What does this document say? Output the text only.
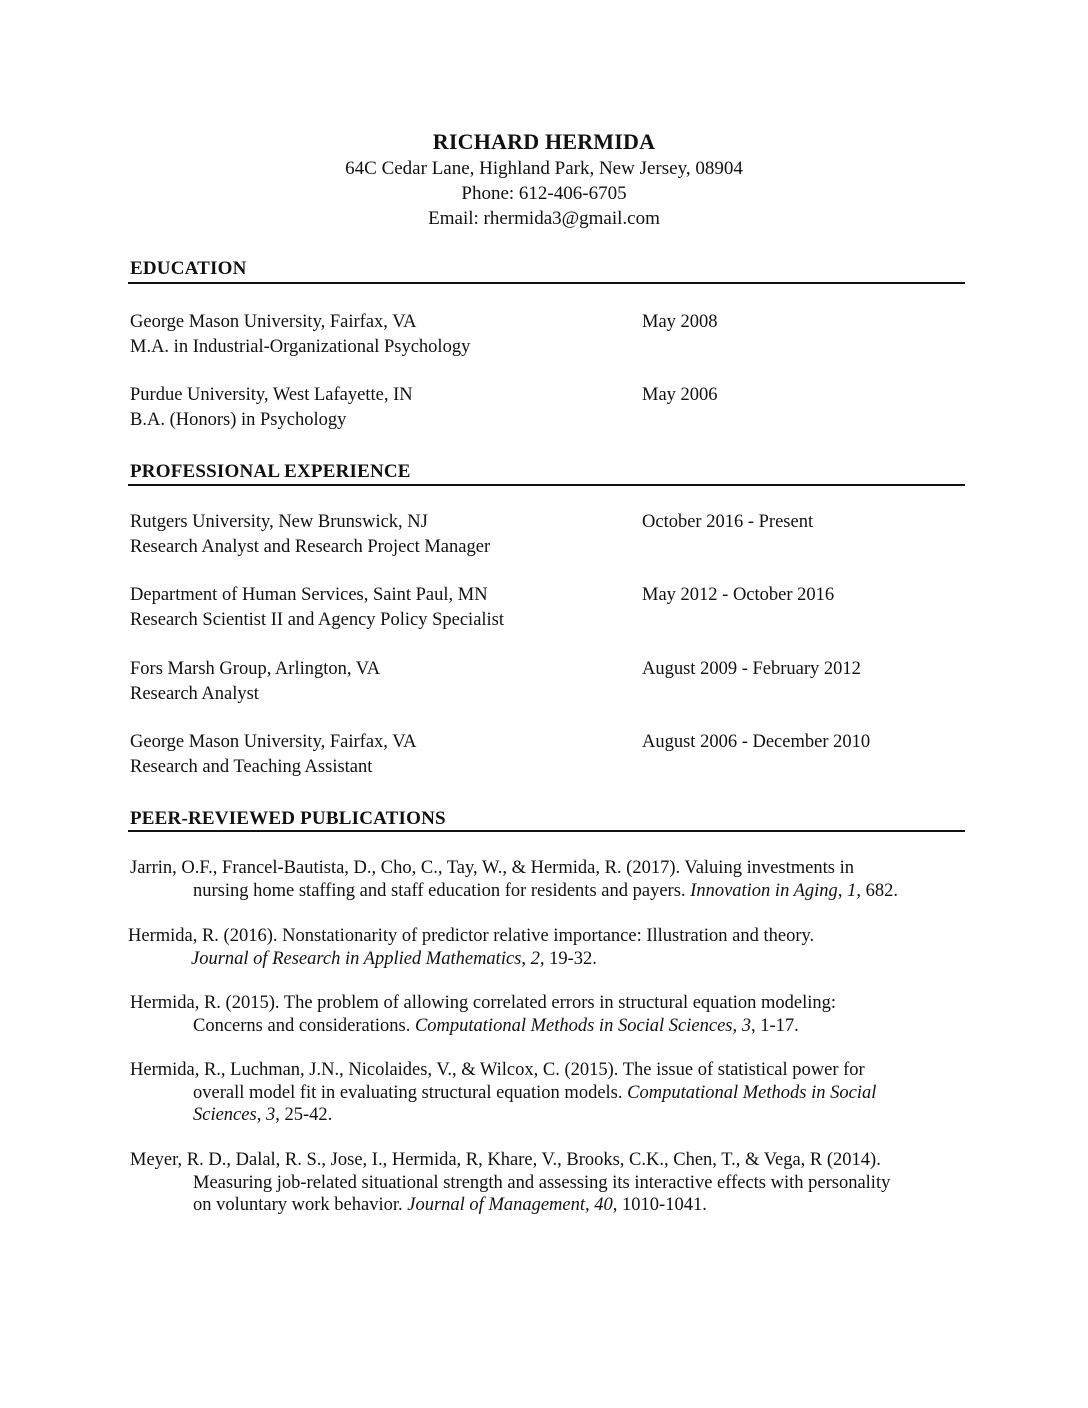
RICHARD HERMIDA
64C Cedar Lane, Highland Park, New Jersey, 08904
Phone: 612-406-6705
Email: rhermida3@gmail.com
EDUCATION
George Mason University, Fairfax, VA	May 2008
M.A. in Industrial-Organizational Psychology
Purdue University, West Lafayette, IN	May 2006
B.A. (Honors) in Psychology
PROFESSIONAL EXPERIENCE
Rutgers University, New Brunswick, NJ	October 2016 - Present
Research Analyst and Research Project Manager
Department of Human Services, Saint Paul, MN	May 2012 - October 2016
Research Scientist II and Agency Policy Specialist
Fors Marsh Group, Arlington, VA	August 2009 - February 2012
Research Analyst
George Mason University, Fairfax, VA	August 2006 - December 2010
Research and Teaching Assistant
PEER-REVIEWED PUBLICATIONS
Jarrin, O.F., Francel-Bautista, D., Cho, C., Tay, W., & Hermida, R. (2017). Valuing investments in
nursing home staffing and staff education for residents and payers. Innovation in Aging, 1, 682.
Hermida, R. (2016). Nonstationarity of predictor relative importance: Illustration and theory.
Journal of Research in Applied Mathematics, 2, 19-32.
Hermida, R. (2015). The problem of allowing correlated errors in structural equation modeling:
Concerns and considerations. Computational Methods in Social Sciences, 3, 1-17.
Hermida, R., Luchman, J.N., Nicolaides, V., & Wilcox, C. (2015). The issue of statistical power for
overall model fit in evaluating structural equation models. Computational Methods in Social
Sciences, 3, 25-42.
Meyer, R. D., Dalal, R. S., Jose, I., Hermida, R, Khare, V., Brooks, C.K., Chen, T., & Vega, R (2014).
Measuring job-related situational strength and assessing its interactive effects with personality
on voluntary work behavior. Journal of Management, 40, 1010-1041.
